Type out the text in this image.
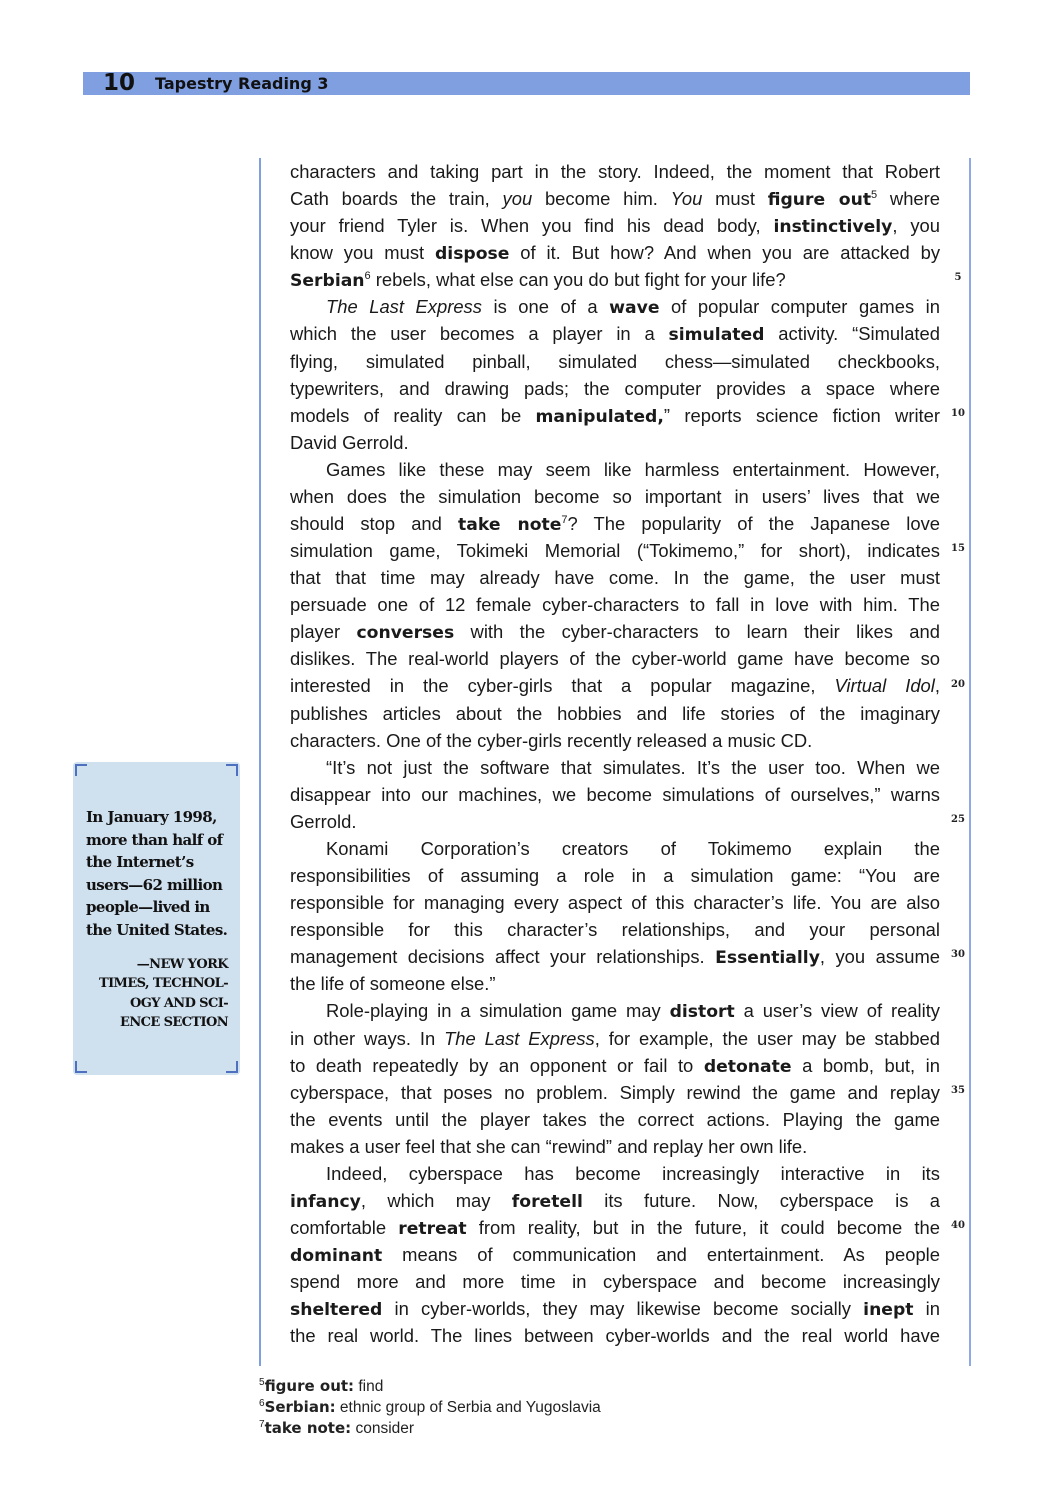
10	Tapestry Reading 3
characters and taking part in the story. Indeed, the moment that Robert
Cath boards the train, you become him. You must figure out$^5$ where
your friend Tyler is. When you find his dead body, instinctively, you
know you must dispose of it. But how? And when you are attacked by
Serbian$^6$ rebels, what else can you do but fight for your life?
The Last Express is one of a wave of popular computer games in
which the user becomes a player in a simulated activity. “Simulated
flying, simulated pinball, simulated chess—simulated checkbooks,
typewriters, and drawing pads; the computer provides a space where
models of reality can be manipulated,” reports science fiction writer
David Gerrold.
Games like these may seem like harmless entertainment. However,
when does the simulation become so important in users’ lives that we
should stop and take note$^7$? The popularity of the Japanese love
simulation game, Tokimeki Memorial (“Tokimemo,” for short), indicates
that that time may already have come. In the game, the user must
persuade one of 12 female cyber-characters to fall in love with him. The
player converses with the cyber-characters to learn their likes and
dislikes. The real-world players of the cyber-world game have become so
interested in the cyber-girls that a popular magazine, Virtual Idol,
publishes articles about the hobbies and life stories of the imaginary
characters. One of the cyber-girls recently released a music CD.
“It’s not just the software that simulates. It’s the user too. When we
disappear into our machines, we become simulations of ourselves,” warns
Gerrold.
Konami Corporation’s creators of Tokimemo explain the
responsibilities of assuming a role in a simulation game: “You are
responsible for managing every aspect of this character’s life. You are also
responsible for this character’s relationships, and your personal
management decisions affect your relationships. Essentially, you assume
the life of someone else.”
Role-playing in a simulation game may distort a user’s view of reality
in other ways. In The Last Express, for example, the user may be stabbed
to death repeatedly by an opponent or fail to detonate a bomb, but, in
cyberspace, that poses no problem. Simply rewind the game and replay
the events until the player takes the correct actions. Playing the game
makes a user feel that she can “rewind” and replay her own life.
Indeed, cyberspace has become increasingly interactive in its
infancy, which may foretell its future. Now, cyberspace is a
comfortable retreat from reality, but in the future, it could become the
dominant means of communication and entertainment. As people
spend more and more time in cyberspace and become increasingly
sheltered in cyber-worlds, they may likewise become socially inept in
the real world. The lines between cyber-worlds and the real world have
5
10
15
20
25
30
35
40
In January 1998,
more than half of
the Internet’s
users—62 million
people—lived in
the United States.
—NEW YORK
TIMES, TECHNOL-
OGY AND SCI-
ENCE SECTION
$^5$figure out: find
$^6$Serbian: ethnic group of Serbia and Yugoslavia
$^7$take note: consider
